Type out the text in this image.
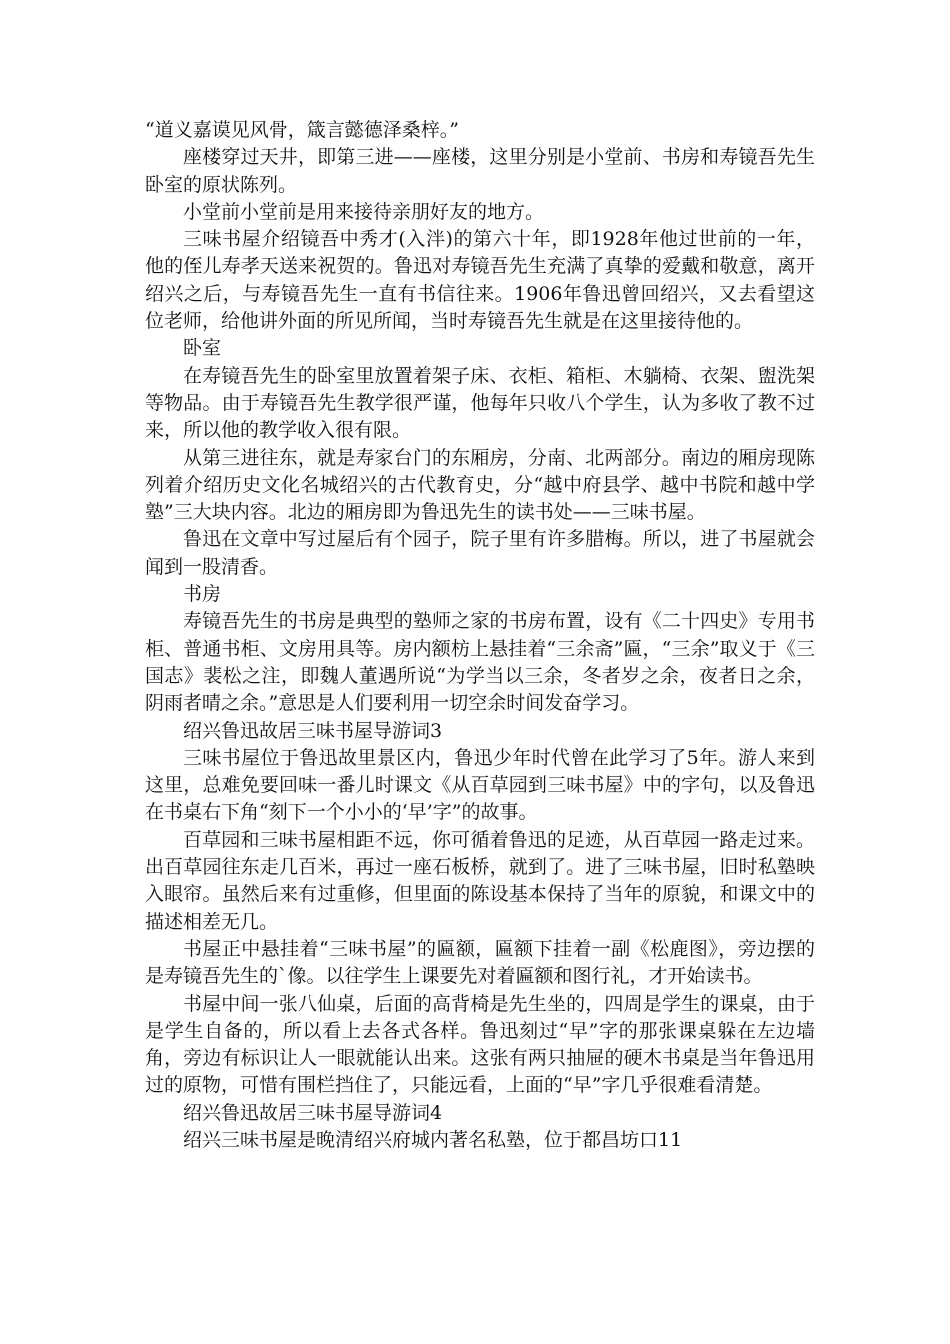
“道义嘉谟见风骨，箴言懿德泽桑梓。”

座楼穿过天井，即第三进——座楼，这里分别是小堂前、书房和寿镜吾先生卧室的原状陈列。

小堂前小堂前是用来接待亲朋好友的地方。

三味书屋介绍镜吾中秀才(入泮)的第六十年，即1928年他过世前的一年，他的侄儿寿孝天送来祝贺的。鲁迅对寿镜吾先生充满了真挚的爱戴和敬意，离开绍兴之后，与寿镜吾先生一直有书信往来。1906年鲁迅曾回绍兴，又去看望这位老师，给他讲外面的所见所闻，当时寿镜吾先生就是在这里接待他的。

卧室

在寿镜吾先生的卧室里放置着架子床、衣柜、箱柜、木躺椅、衣架、盥洗架等物品。由于寿镜吾先生教学很严谨，他每年只收八个学生，认为多收了教不过来，所以他的教学收入很有限。

从第三进往东，就是寿家台门的东厢房，分南、北两部分。南边的厢房现陈列着介绍历史文化名城绍兴的古代教育史，分“越中府县学、越中书院和越中学塾”三大块内容。北边的厢房即为鲁迅先生的读书处——三味书屋。

鲁迅在文章中写过屋后有个园子，院子里有许多腊梅。所以，进了书屋就会闻到一股清香。

书房

寿镜吾先生的书房是典型的塾师之家的书房布置，设有《二十四史》专用书柜、普通书柜、文房用具等。房内额枋上悬挂着“三余斋”匾，“三余”取义于《三国志》裴松之注，即魏人董遇所说“为学当以三余，冬者岁之余，夜者日之余，阴雨者晴之余。”意思是人们要利用一切空余时间发奋学习。

绍兴鲁迅故居三味书屋导游词3

三味书屋位于鲁迅故里景区内，鲁迅少年时代曾在此学习了5年。游人来到这里，总难免要回味一番儿时课文《从百草园到三味书屋》中的字句，以及鲁迅在书桌右下角“刻下一个小小的‘早’字”的故事。

百草园和三味书屋相距不远，你可循着鲁迅的足迹，从百草园一路走过来。出百草园往东走几百米，再过一座石板桥，就到了。进了三味书屋，旧时私塾映入眼帘。虽然后来有过重修，但里面的陈设基本保持了当年的原貌，和课文中的描述相差无几。

书屋正中悬挂着“三味书屋”的匾额，匾额下挂着一副《松鹿图》，旁边摆的是寿镜吾先生的`像。以往学生上课要先对着匾额和图行礼，才开始读书。

书屋中间一张八仙桌，后面的高背椅是先生坐的，四周是学生的课桌，由于是学生自备的，所以看上去各式各样。鲁迅刻过“早”字的那张课桌躲在左边墙角，旁边有标识让人一眼就能认出来。这张有两只抽屉的硬木书桌是当年鲁迅用过的原物，可惜有围栏挡住了，只能远看，上面的“早”字几乎很难看清楚。

绍兴鲁迅故居三味书屋导游词4

绍兴三味书屋是晚清绍兴府城内著名私塾，位于都昌坊口11
